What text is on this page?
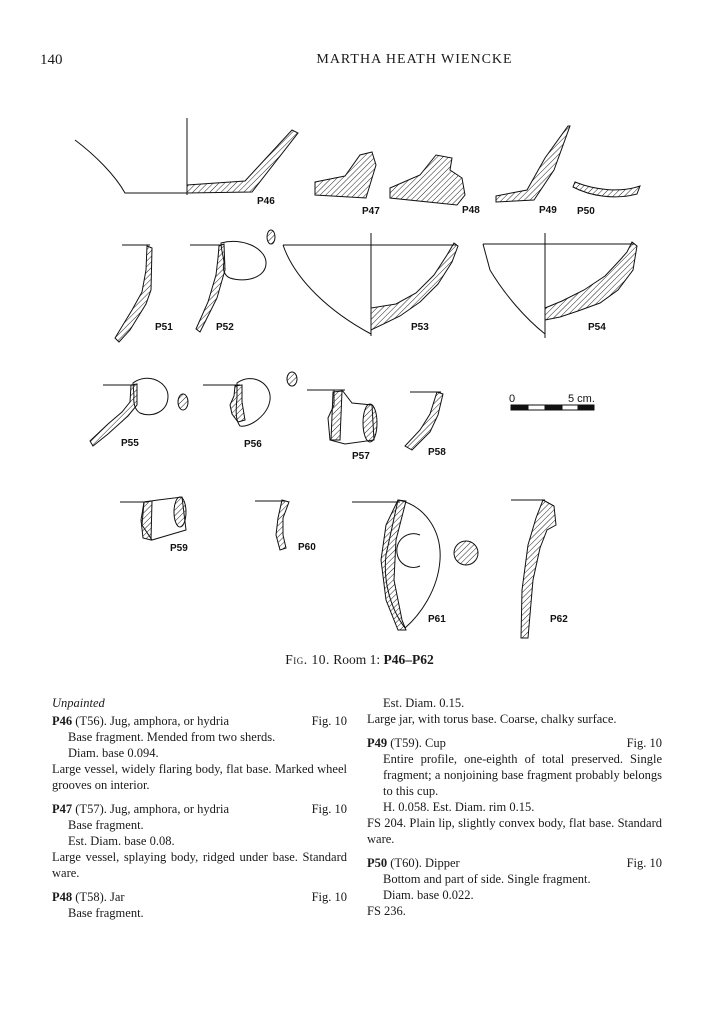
140	MARTHA HEATH WIENCKE
P46
P47	P48	P49 P50
P51	P52	P53	P54
P55	P56
P57	P58
P59	P60
P61	P62
0	5 cm.
Fig. 10. Room 1: P46–P62
Unpainted
P46 (T56). Jug, amphora, or hydria	Fig. 10
Base fragment. Mended from two sherds.
Diam. base 0.094.
Large vessel, widely flaring body, flat base. Marked wheel grooves on interior.
P47 (T57). Jug, amphora, or hydria	Fig. 10
Base fragment.
Est. Diam. base 0.08.
Large vessel, splaying body, ridged under base. Standard ware.
P48 (T58). Jar	Fig. 10
Base fragment.
Est. Diam. 0.15.
Large jar, with torus base. Coarse, chalky surface.
P49 (T59). Cup	Fig. 10
Entire profile, one-eighth of total preserved. Single fragment; a nonjoining base fragment probably belongs to this cup.
H. 0.058. Est. Diam. rim 0.15.
FS 204. Plain lip, slightly convex body, flat base. Standard ware.
P50 (T60). Dipper	Fig. 10
Bottom and part of side. Single fragment.
Diam. base 0.022.
FS 236.
